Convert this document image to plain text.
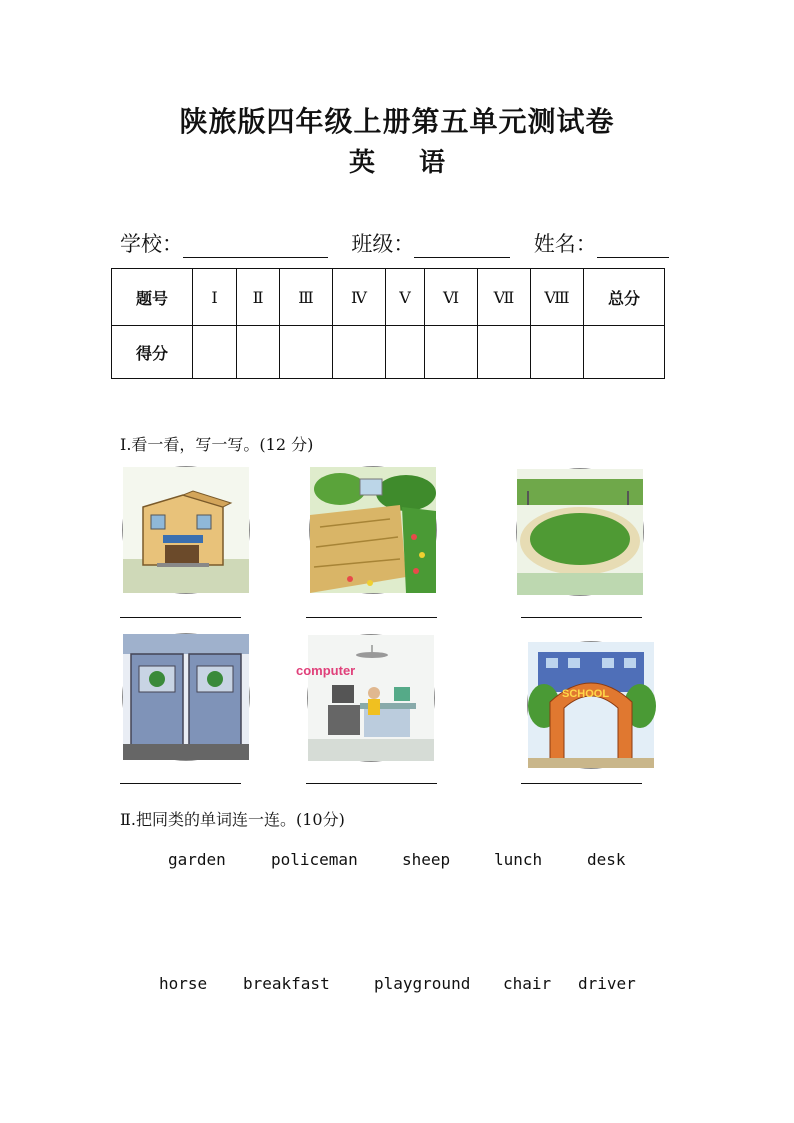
陕旅版四年级上册第五单元测试卷
英 语
学校：	班级：	姓名：
题号	Ⅰ	Ⅱ	Ⅲ	Ⅳ	Ⅴ	Ⅵ	Ⅶ	Ⅷ	总分
得分									
I.看一看，写一写。(12 分)
computer
SCHOOL
Ⅱ.把同类的单词连一连。(10分)
garden	policeman	sheep	lunch	desk
horse breakfast	playground chair driver
